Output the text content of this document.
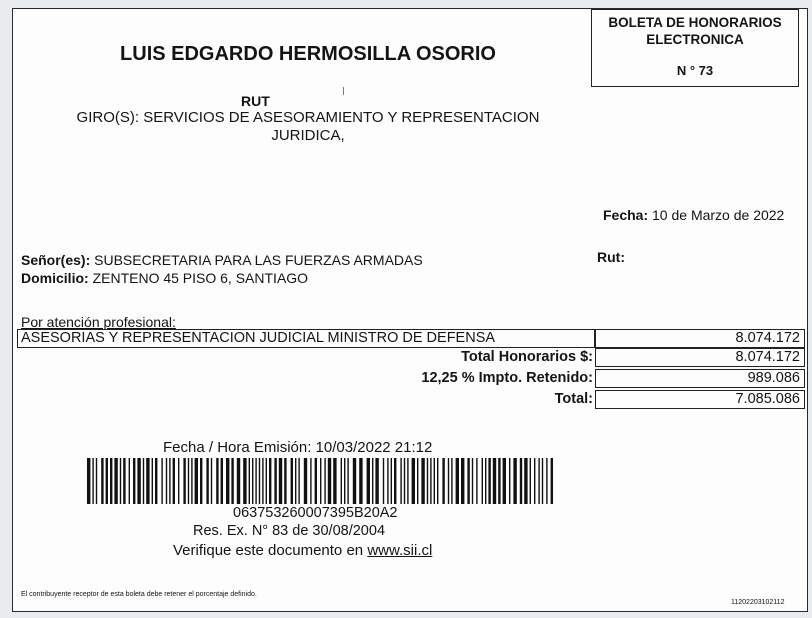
LUIS EDGARDO HERMOSILLA OSORIO
BOLETA DE HONORARIOS
ELECTRONICA
N ° 73
RUT
GIRO(S): SERVICIOS DE ASESORAMIENTO Y REPRESENTACION JURIDICA,
Fecha: 10 de Marzo de 2022
Señor(es): SUBSECRETARIA PARA LAS FUERZAS ARMADAS
Domicilio: ZENTENO 45 PISO 6, SANTIAGO
Rut:
Por atención profesional:
ASESORIAS Y REPRESENTACION JUDICIAL MINISTRO DE DEFENSA	8.074.172
Total Honorarios $:	8.074.172
12,25 % Impto. Retenido:	989.086
Total:	7.085.086
Fecha / Hora Emisión: 10/03/2022 21:12
063753260007395B20A2
Res. Ex. N° 83 de 30/08/2004
Verifique este documento en www.sii.cl
El contribuyente receptor de esta boleta debe retener el porcentaje definido.
11202203102112
